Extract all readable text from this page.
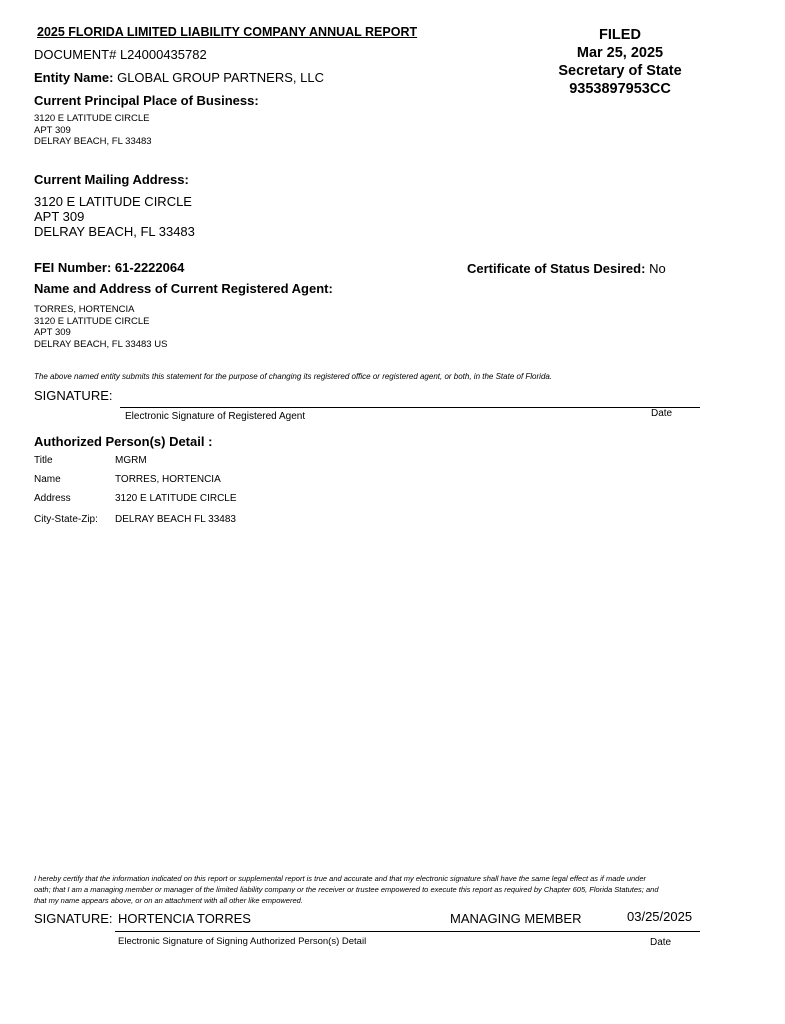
2025 FLORIDA LIMITED LIABILITY COMPANY ANNUAL REPORT	FILED
Mar 25, 2025
Secretary of State
9353897953CC
DOCUMENT# L24000435782
Entity Name: GLOBAL GROUP PARTNERS, LLC
Current Principal Place of Business:
3120 E LATITUDE CIRCLE
APT 309
DELRAY BEACH, FL 33483
Current Mailing Address:
3120 E LATITUDE CIRCLE
APT 309
DELRAY BEACH, FL 33483
FEI Number: 61-2222064	Certificate of Status Desired: No
Name and Address of Current Registered Agent:
TORRES, HORTENCIA
3120 E LATITUDE CIRCLE
APT 309
DELRAY BEACH, FL 33483 US
The above named entity submits this statement for the purpose of changing its registered office or registered agent, or both, in the State of Florida.
SIGNATURE:
Electronic Signature of Registered Agent	Date
Authorized Person(s) Detail :
Title	MGRM
Name	TORRES, HORTENCIA
Address	3120 E LATITUDE CIRCLE
City-State-Zip: DELRAY BEACH FL 33483
I hereby certify that the information indicated on this report or supplemental report is true and accurate and that my electronic signature shall have the same legal effect as if made under
oath; that I am a managing member or manager of the limited liability company or the receiver or trustee empowered to execute this report as required by Chapter 605, Florida Statutes; and
that my name appears above, or on an attachment with all other like empowered.
SIGNATURE: HORTENCIA TORRES	MANAGING MEMBER	03/25/2025
Electronic Signature of Signing Authorized Person(s) Detail	Date
